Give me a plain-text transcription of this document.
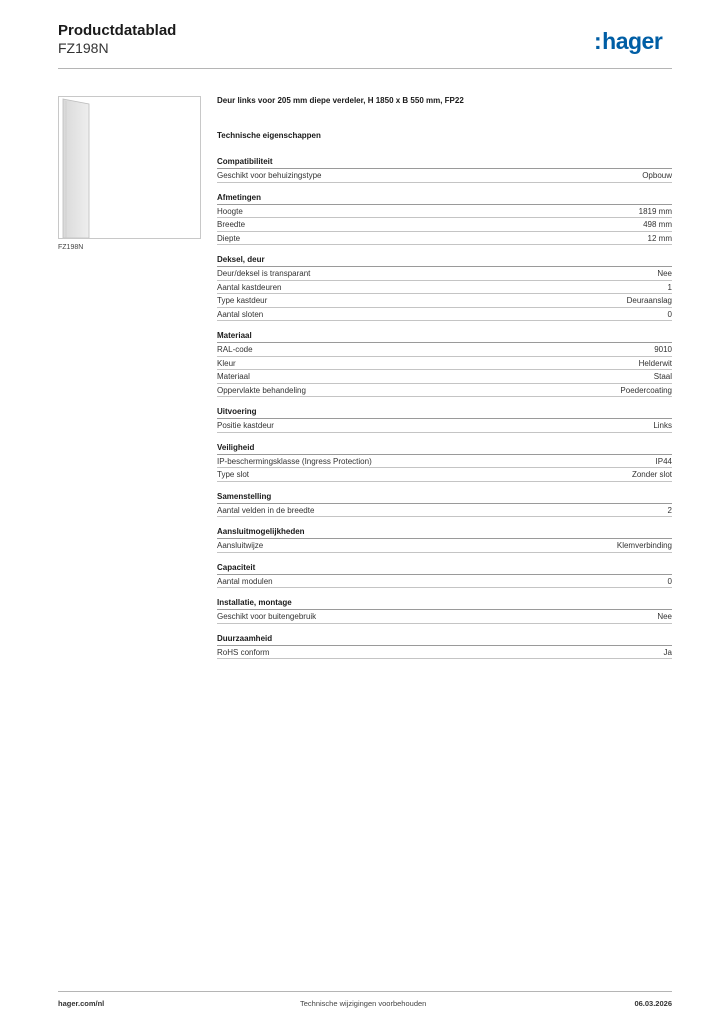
Productdatablad
FZ198N	:hager
FZ198N
Deur links voor 205 mm diepe verdeler, H 1850 x B 550 mm, FP22
Technische eigenschappen
Compatibiliteit
Geschikt voor behuizingstype	Opbouw
Afmetingen
Hoogte	1819 mm
Breedte	498 mm
Diepte	12 mm
Deksel, deur
Deur/deksel is transparant	Nee
Aantal kastdeuren	1
Type kastdeur	Deuraanslag
Aantal sloten	0
Materiaal
RAL-code	9010
Kleur	Helderwit
Materiaal	Staal
Oppervlakte behandeling	Poedercoating
Uitvoering
Positie kastdeur	Links
Veiligheid
IP-beschermingsklasse (Ingress Protection)	IP44
Type slot	Zonder slot
Samenstelling
Aantal velden in de breedte	2
Aansluitmogelijkheden
Aansluitwijze	Klemverbinding
Capaciteit
Aantal modulen	0
Installatie, montage
Geschikt voor buitengebruik	Nee
Duurzaamheid
RoHS conform	Ja
hager.com/nl	Technische wijzigingen voorbehouden	06.03.2026
